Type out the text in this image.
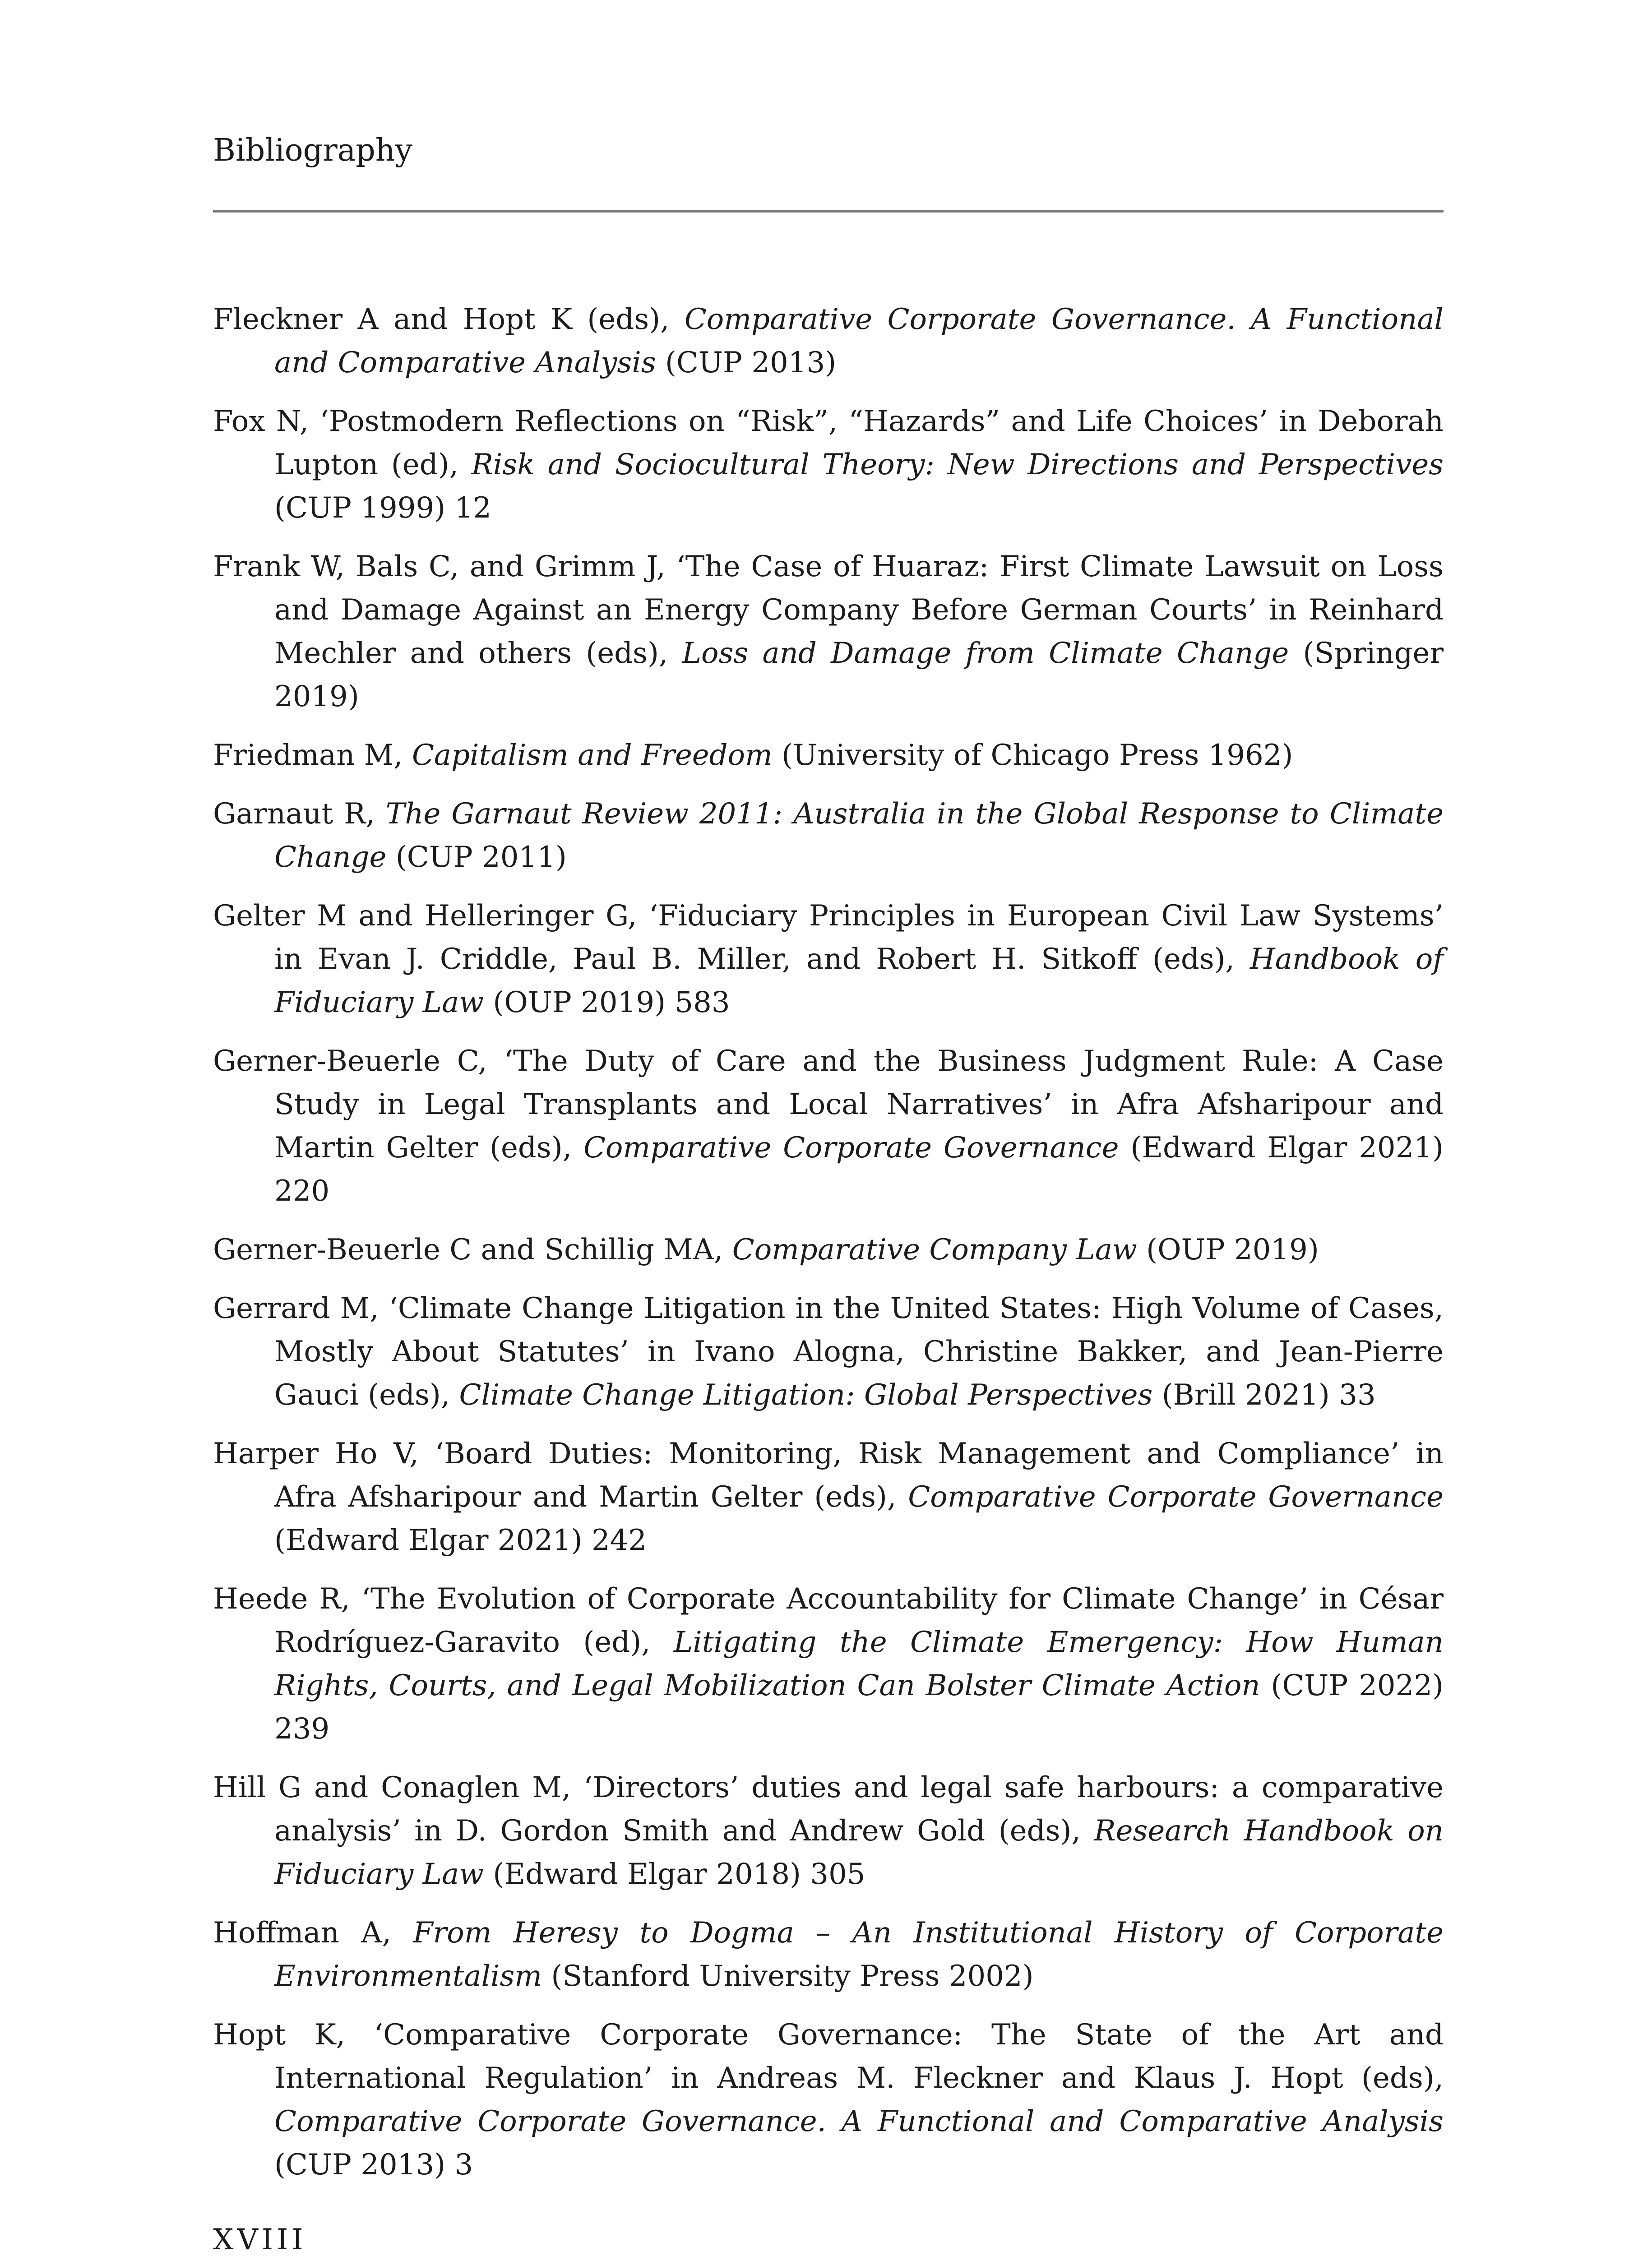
Bibliography

Fleckner A and Hopt K (eds), Comparative Corporate Governance. A Functional and Comparative Analysis (CUP 2013)

Fox N, ‘Postmodern Reflections on “Risk”, “Hazards” and Life Choices’ in Deborah Lupton (ed), Risk and Sociocultural Theory: New Directions and Perspectives (CUP 1999) 12

Frank W, Bals C, and Grimm J, ‘The Case of Huaraz: First Climate Lawsuit on Loss and Damage Against an Energy Company Before German Courts’ in Reinhard Mechler and others (eds), Loss and Damage from Climate Change (Springer 2019)

Friedman M, Capitalism and Freedom (University of Chicago Press 1962)

Garnaut R, The Garnaut Review 2011: Australia in the Global Response to Climate Change (CUP 2011)

Gelter M and Helleringer G, ‘Fiduciary Principles in European Civil Law Systems’ in Evan J. Criddle, Paul B. Miller, and Robert H. Sitkoff (eds), Handbook of Fiduciary Law (OUP 2019) 583

Gerner-Beuerle C, ‘The Duty of Care and the Business Judgment Rule: A Case Study in Legal Transplants and Local Narratives’ in Afra Afsharipour and Martin Gelter (eds), Comparative Corporate Governance (Edward Elgar 2021) 220

Gerner-Beuerle C and Schillig MA, Comparative Company Law (OUP 2019)

Gerrard M, ‘Climate Change Litigation in the United States: High Volume of Cases, Mostly About Statutes’ in Ivano Alogna, Christine Bakker, and Jean-Pierre Gauci (eds), Climate Change Litigation: Global Perspectives (Brill 2021) 33

Harper Ho V, ‘Board Duties: Monitoring, Risk Management and Compliance’ in Afra Afsharipour and Martin Gelter (eds), Comparative Corporate Governance (Edward Elgar 2021) 242

Heede R, ‘The Evolution of Corporate Accountability for Climate Change’ in César Rodríguez-Garavito (ed), Litigating the Climate Emergency: How Human Rights, Courts, and Legal Mobilization Can Bolster Climate Action (CUP 2022) 239

Hill G and Conaglen M, ‘Directors’ duties and legal safe harbours: a comparative analysis’ in D. Gordon Smith and Andrew Gold (eds), Research Handbook on Fiduciary Law (Edward Elgar 2018) 305

Hoffman A, From Heresy to Dogma – An Institutional History of Corporate Environmentalism (Stanford University Press 2002)

Hopt K, ‘Comparative Corporate Governance: The State of the Art and International Regulation’ in Andreas M. Fleckner and Klaus J. Hopt (eds), Comparative Corporate Governance. A Functional and Comparative Analysis (CUP 2013) 3

XVIII
